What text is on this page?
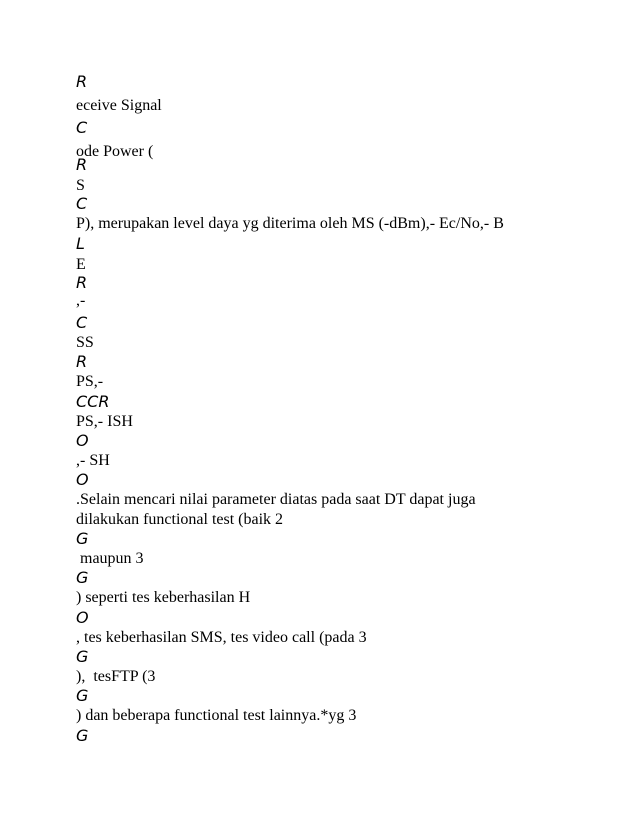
R
eceive Signal
C
ode Power (
R
S
C
P), merupakan level daya yg diterima oleh MS (-dBm),- Ec/No,- B
L
E
R
,-
C
SS
R
PS,-
CCR
PS,- ISH
O
,- SH
O
.Selain mencari nilai parameter diatas pada saat DT dapat juga
dilakukan functional test (baik 2
G
maupun 3
G
) seperti tes keberhasilan H
O
, tes keberhasilan SMS, tes video call (pada 3
G
),  tesFTP (3
G
) dan beberapa functional test lainnya.*yg 3
G
